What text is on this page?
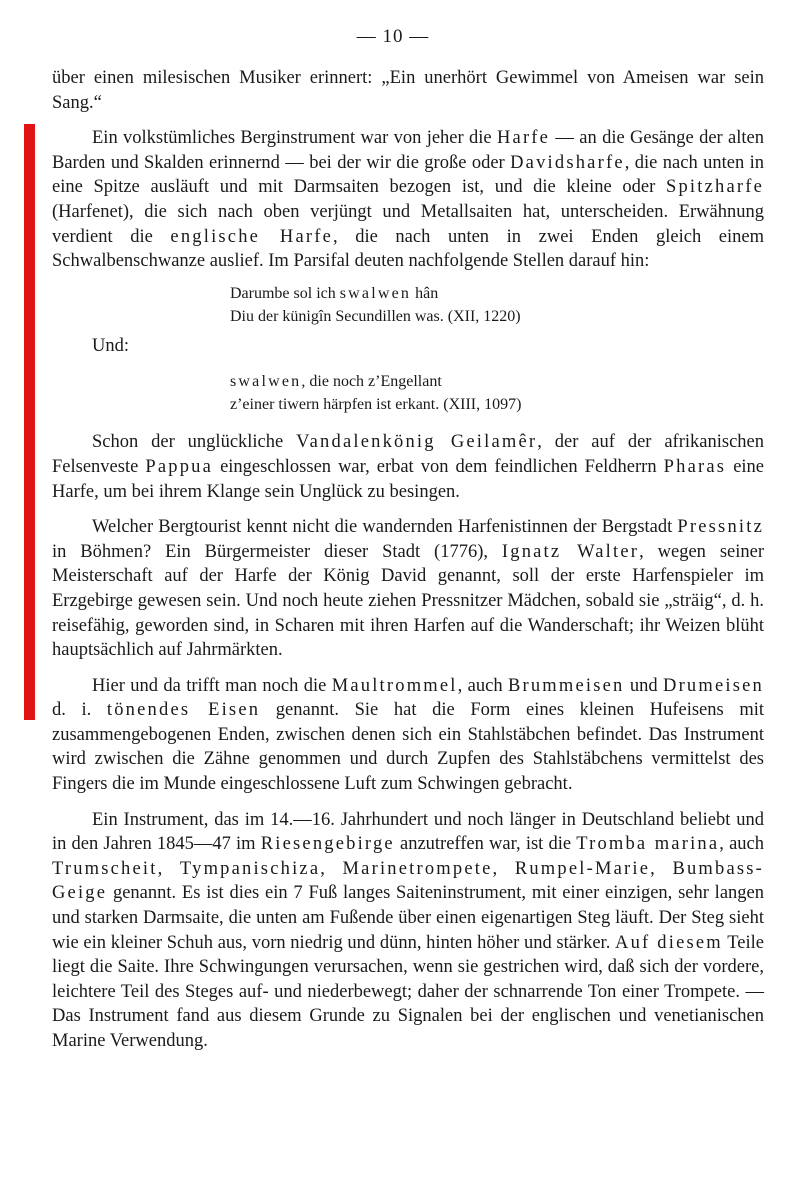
— 10 —

über einen milesischen Musiker erinnert: „Ein unerhört Gewimmel von Ameisen war sein Sang.“

Ein volkstümliches Berginstrument war von jeher die Harfe — an die Gesänge der alten Barden und Skalden erinnernd — bei der wir die große oder Davidsharfe, die nach unten in eine Spitze ausläuft und mit Darmsaiten bezogen ist, und die kleine oder Spitzharfe (Harfenet), die sich nach oben verjüngt und Metallsaiten hat, unterscheiden. Erwähnung verdient die englische Harfe, die nach unten in zwei Enden gleich einem Schwalbenschwanze auslief. Im Parsifal deuten nachfolgende Stellen darauf hin:

Darumbe sol ich swalwen hân
Diu der künigîn Secundillen was. (XII, 1220)
Und:
swalwen, die noch z’Engellant
z’einer tiwern härpfen ist erkant. (XIII, 1097)

Schon der unglückliche Vandalenkönig Geilamêr, der auf der afrikanischen Felsenveste Pappua eingeschlossen war, erbat von dem feindlichen Feldherrn Pharas eine Harfe, um bei ihrem Klange sein Unglück zu besingen.

Welcher Bergtourist kennt nicht die wandernden Harfenistinnen der Bergstadt Pressnitz in Böhmen? Ein Bürgermeister dieser Stadt (1776), Ignatz Walter, wegen seiner Meisterschaft auf der Harfe der König David genannt, soll der erste Harfenspieler im Erzgebirge gewesen sein. Und noch heute ziehen Pressnitzer Mädchen, sobald sie „sträig“, d. h. reisefähig, geworden sind, in Scharen mit ihren Harfen auf die Wanderschaft; ihr Weizen blüht hauptsächlich auf Jahrmärkten.

Hier und da trifft man noch die Maultrommel, auch Brummeisen und Drumeisen d. i. tönendes Eisen genannt. Sie hat die Form eines kleinen Hufeisens mit zusammengebogenen Enden, zwischen denen sich ein Stahlstäbchen befindet. Das Instrument wird zwischen die Zähne genommen und durch Zupfen des Stahlstäbchens vermittelst des Fingers die im Munde eingeschlossene Luft zum Schwingen gebracht.

Ein Instrument, das im 14.—16. Jahrhundert und noch länger in Deutschland beliebt und in den Jahren 1845—47 im Riesengebirge anzutreffen war, ist die Tromba marina, auch Trumscheit, Tympanischiza, Marinetrompete, Rumpel-Marie, Bumbass-Geige genannt. Es ist dies ein 7 Fuß langes Saiteninstrument, mit einer einzigen, sehr langen und starken Darmsaite, die unten am Fußende über einen eigenartigen Steg läuft. Der Steg sieht wie ein kleiner Schuh aus, vorn niedrig und dünn, hinten höher und stärker. Auf diesem Teile liegt die Saite. Ihre Schwingungen verursachen, wenn sie gestrichen wird, daß sich der vordere, leichtere Teil des Steges auf- und niederbewegt; daher der schnarrende Ton einer Trompete. — Das Instrument fand aus diesem Grunde zu Signalen bei der englischen und venetianischen Marine Verwendung.
